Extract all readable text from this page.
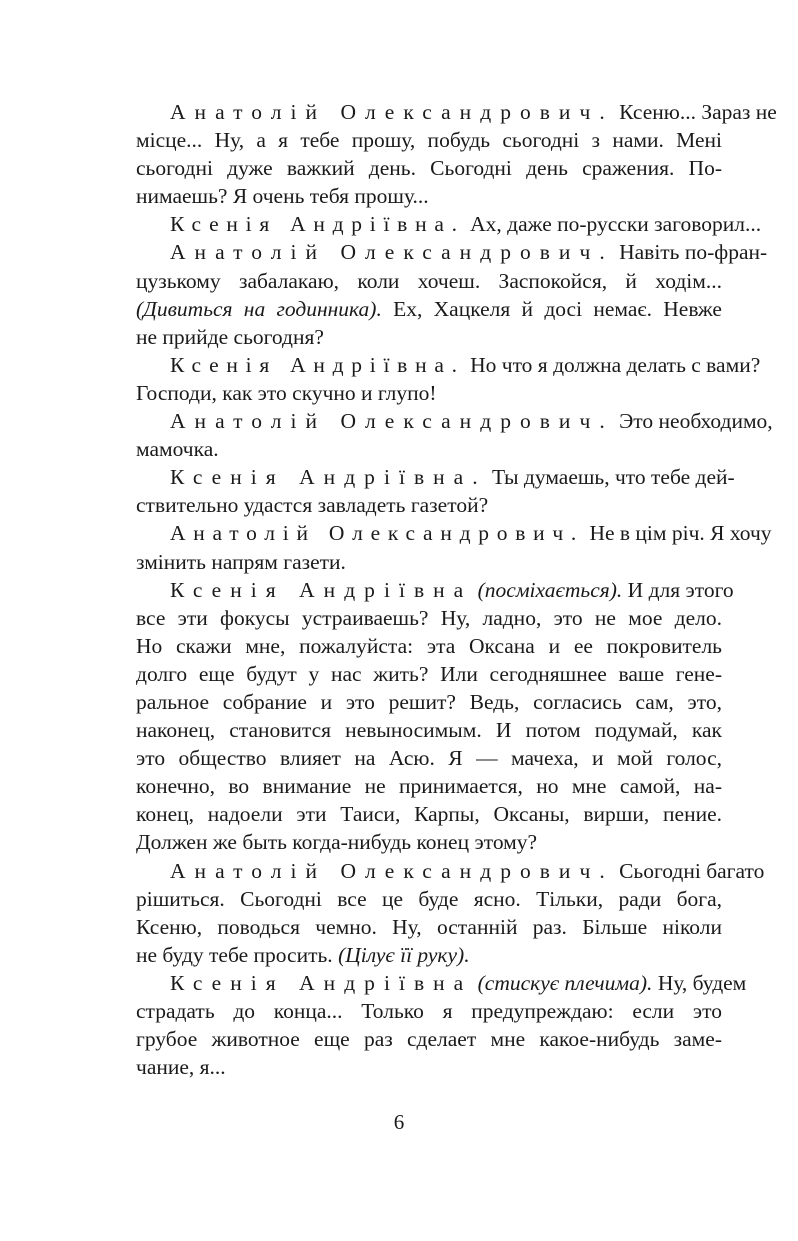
Анатолій Олександрович. Ксеню... Зараз не
місце... Ну, а я тебе прошу, побудь сьогодні з нами. Мені
сьогодні дуже важкий день. Сьогодні день сражения. По-
нимаешь? Я очень тебя прошу...
Ксенія Андріївна. Ах, даже по-русски заговорил...
Анатолій Олександрович. Навіть по-фран-
цузькому забалакаю, коли хочеш. Заспокойся, й ходім...
(Дивиться на годинника). Ех, Хацкеля й досі немає. Невже
не прийде сьогодня?
Ксенія Андріївна. Но что я должна делать с вами?
Господи, как это скучно и глупо!
Анатолій Олександрович. Это необходимо,
мамочка.
Ксенія Андріївна. Ты думаешь, что тебе дей-
ствительно удастся завладеть газетой?
Анатолій Олександрович. Не в цім річ. Я хочу
змінить напрям газети.
Ксенія Андріївна (посміхається). И для этого
все эти фокусы устраиваешь? Ну, ладно, это не мое дело.
Но скажи мне, пожалуйста: эта Оксана и ее покровитель
долго еще будут у нас жить? Или сегодняшнее ваше гене-
ральное собрание и это решит? Ведь, согласись сам, это,
наконец, становится невыносимым. И потом подумай, как
это общество влияет на Асю. Я — мачеха, и мой голос,
конечно, во внимание не принимается, но мне самой, на-
конец, надоели эти Таиси, Карпы, Оксаны, вирши, пение.
Должен же быть когда-нибудь конец этому?
Анатолій Олександрович. Сьогодні багато
рішиться. Сьогодні все це буде ясно. Тільки, ради бога,
Ксеню, поводься чемно. Ну, останній раз. Більше ніколи
не буду тебе просить. (Цілує її руку).
Ксенія Андріївна (стискує плечима). Ну, будем
страдать до конца... Только я предупреждаю: если это
грубое животное еще раз сделает мне какое-нибудь заме-
чание, я...
6
